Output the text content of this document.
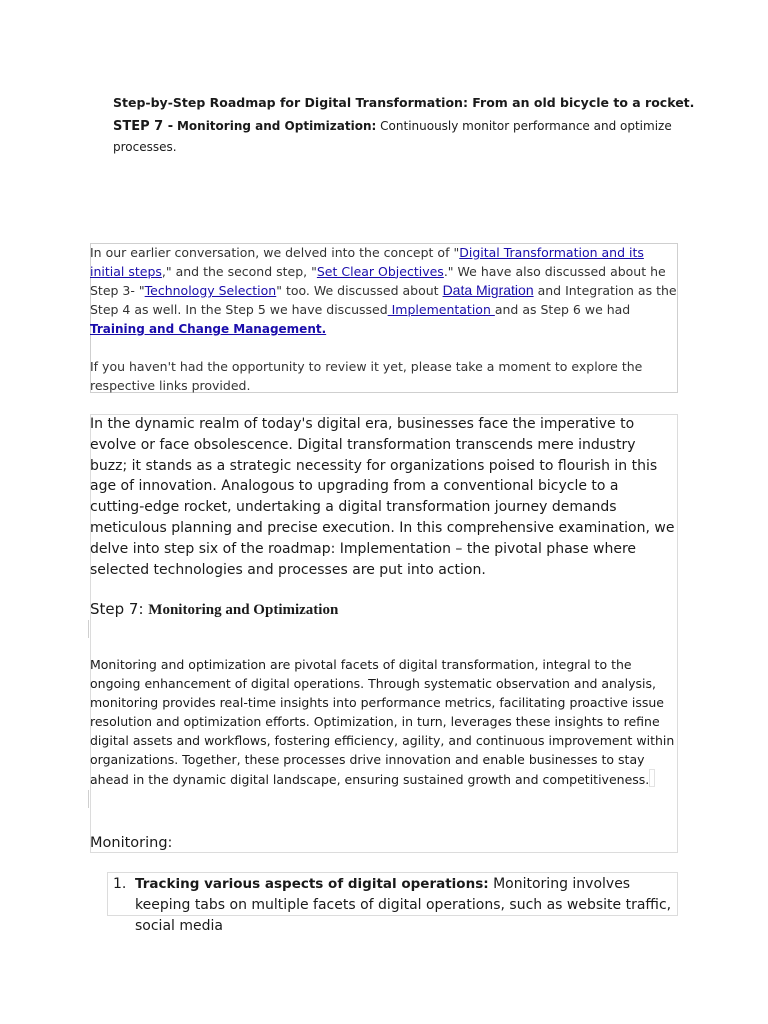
Step-by-Step Roadmap for Digital Transformation: From an old bicycle to a rocket.
STEP 7 - Monitoring and Optimization: Continuously monitor performance and optimize processes.
In our earlier conversation, we delved into the concept of "Digital Transformation and its initial steps," and the second step, "Set Clear Objectives." We have also discussed about he Step 3- "Technology Selection" too. We discussed about Data Migration and Integration as the Step 4 as well. In the Step 5 we have discussed Implementation and as Step 6 we had Training and Change Management.
If you haven't had the opportunity to review it yet, please take a moment to explore the respective links provided.
In the dynamic realm of today's digital era, businesses face the imperative to evolve or face obsolescence. Digital transformation transcends mere industry buzz; it stands as a strategic necessity for organizations poised to flourish in this age of innovation. Analogous to upgrading from a conventional bicycle to a cutting-edge rocket, undertaking a digital transformation journey demands meticulous planning and precise execution. In this comprehensive examination, we delve into step six of the roadmap: Implementation – the pivotal phase where selected technologies and processes are put into action.
Step 7: Monitoring and Optimization
Monitoring and optimization are pivotal facets of digital transformation, integral to the ongoing enhancement of digital operations. Through systematic observation and analysis, monitoring provides real-time insights into performance metrics, facilitating proactive issue resolution and optimization efforts. Optimization, in turn, leverages these insights to refine digital assets and workflows, fostering efficiency, agility, and continuous improvement within organizations. Together, these processes drive innovation and enable businesses to stay ahead in the dynamic digital landscape, ensuring sustained growth and competitiveness.
Monitoring:
1. Tracking various aspects of digital operations: Monitoring involves keeping tabs on multiple facets of digital operations, such as website traffic, social media
